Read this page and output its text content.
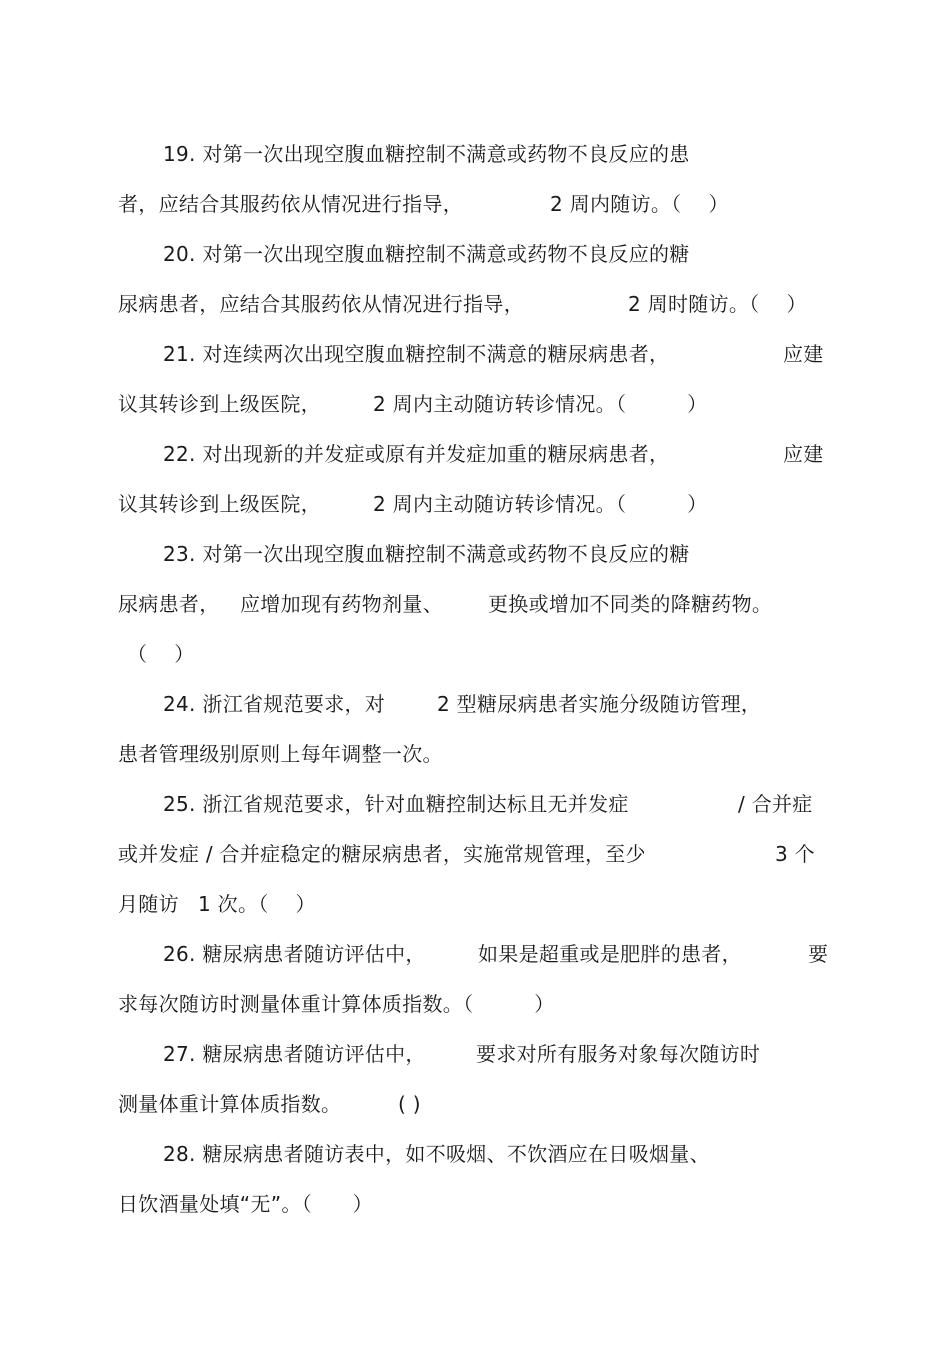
19. 对第一次出现空腹血糖控制不满意或药物不良反应的患
者，应结合其服药依从情况进行指导，	2 周内随访。（　 ）
20. 对第一次出现空腹血糖控制不满意或药物不良反应的糖
尿病患者，应结合其服药依从情况进行指导，	2 周时随访。（　 ）
21. 对连续两次出现空腹血糖控制不满意的糖尿病患者，	应建
议其转诊到上级医院，	2 周内主动随访转诊情况。（　　　）
22. 对出现新的并发症或原有并发症加重的糖尿病患者，	应建
议其转诊到上级医院，	2 周内主动随访转诊情况。（　　　）
23. 对第一次出现空腹血糖控制不满意或药物不良反应的糖
尿病患者， 应增加现有药物剂量、 更换或增加不同类的降糖药物。
（　 ）
24. 浙江省规范要求，对	2 型糖尿病患者实施分级随访管理，
患者管理级别原则上每年调整一次。
25. 浙江省规范要求，针对血糖控制达标且无并发症	/ 合并症
或并发症 / 合并症稳定的糖尿病患者，实施常规管理，至少	3 个
月随访 1 次。（　 ）
26. 糖尿病患者随访评估中，	如果是超重或是肥胖的患者，	要
求每次随访时测量体重计算体质指数。（　　　）
27. 糖尿病患者随访评估中，	要求对所有服务对象每次随访时
测量体重计算体质指数。	( )
28. 糖尿病患者随访表中，如不吸烟、不饮酒应在日吸烟量、
日饮酒量处填“无”。（　　）
